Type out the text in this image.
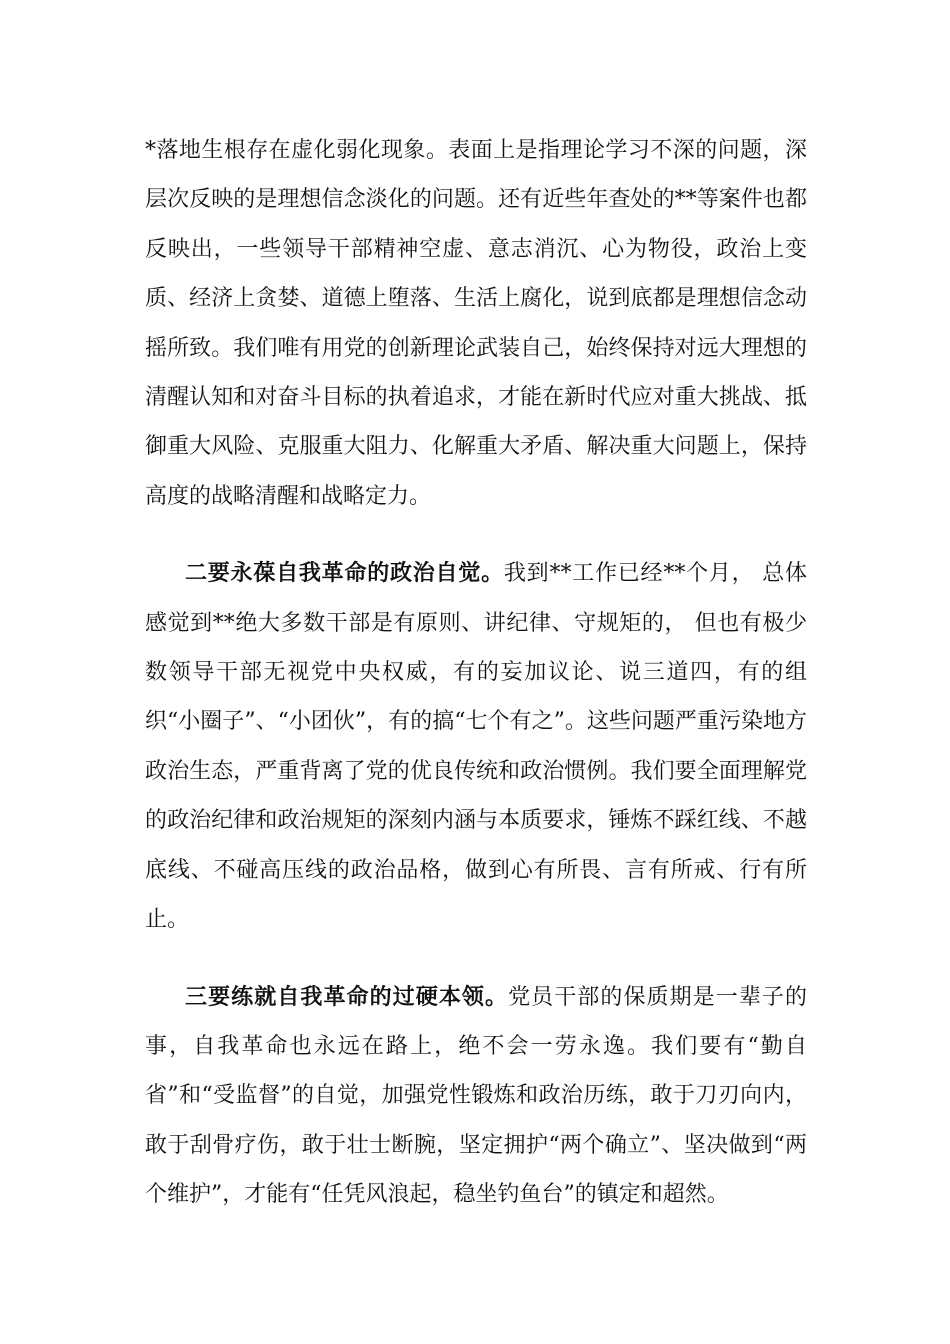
*落地生根存在虚化弱化现象。表面上是指理论学习不深的问题，深层次反映的是理想信念淡化的问题。还有近些年查处的**等案件也都反映出，一些领导干部精神空虚、意志消沉、心为物役，政治上变质、经济上贪婪、道德上堕落、生活上腐化，说到底都是理想信念动摇所致。我们唯有用党的创新理论武装自己，始终保持对远大理想的清醒认知和对奋斗目标的执着追求，才能在新时代应对重大挑战、抵御重大风险、克服重大阻力、化解重大矛盾、解决重大问题上，保持高度的战略清醒和战略定力。

二要永葆自我革命的政治自觉。我到**工作已经**个月， 总体感觉到**绝大多数干部是有原则、讲纪律、守规矩的， 但也有极少数领导干部无视党中央权威，有的妄加议论、说三道四，有的组织“小圈子”、“小团伙”，有的搞“七个有之”。这些问题严重污染地方政治生态，严重背离了党的优良传统和政治惯例。我们要全面理解党的政治纪律和政治规矩的深刻内涵与本质要求，锤炼不踩红线、不越底线、不碰高压线的政治品格，做到心有所畏、言有所戒、行有所止。

三要练就自我革命的过硬本领。党员干部的保质期是一辈子的事，自我革命也永远在路上，绝不会一劳永逸。我们要有“勤自省”和“受监督”的自觉，加强党性锻炼和政治历练，敢于刀刃向内，敢于刮骨疗伤，敢于壮士断腕，坚定拥护“两个确立”、坚决做到“两个维护”，才能有“任凭风浪起，稳坐钓鱼台”的镇定和超然。
